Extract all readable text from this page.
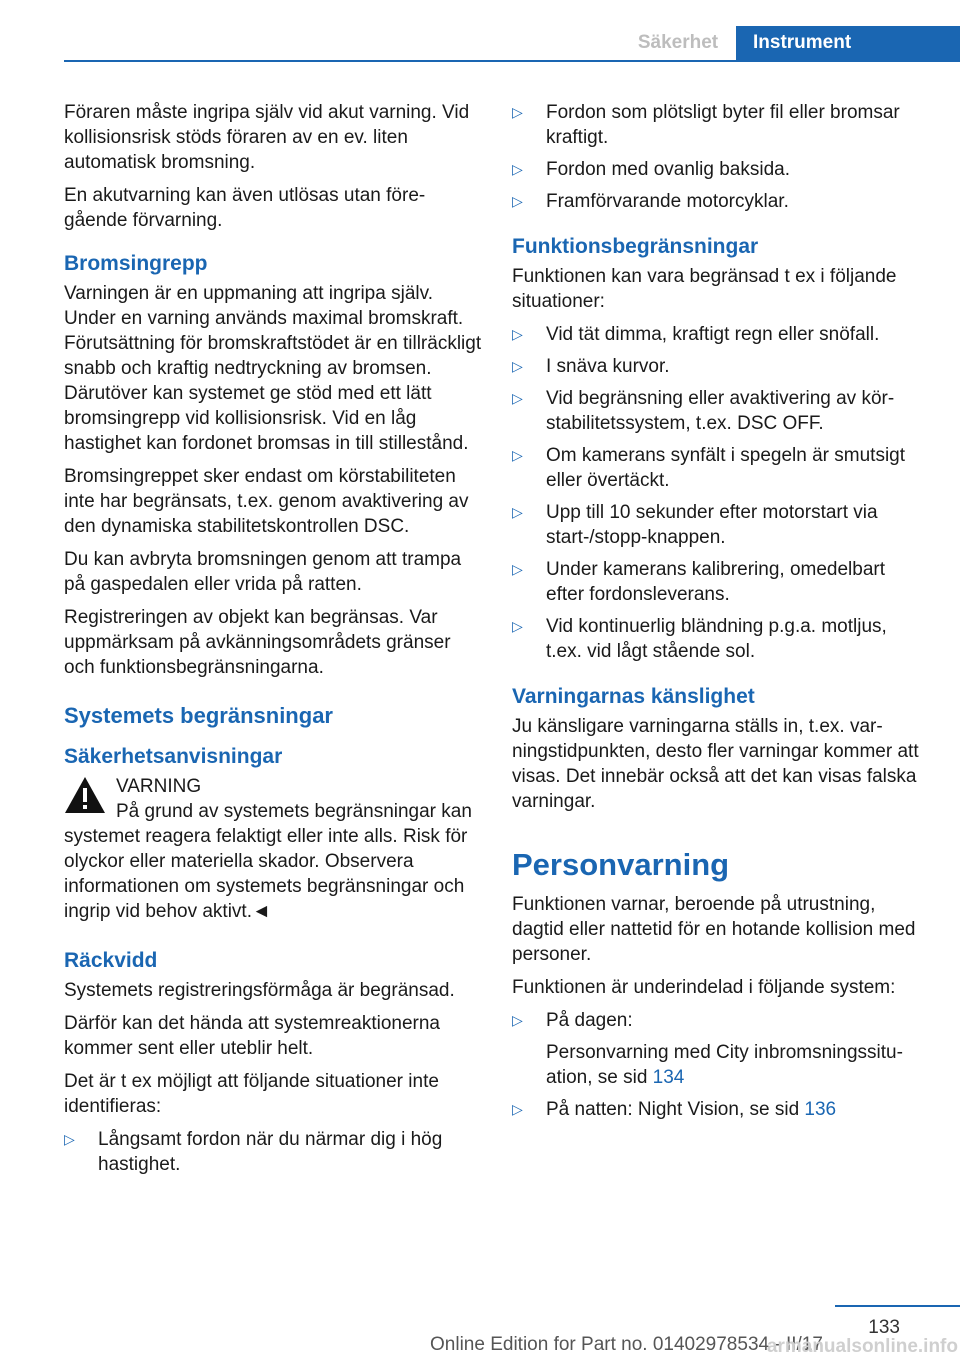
Säkerhet	Instrument

Föraren måste ingripa själv vid akut varning. Vid kollisionsrisk stöds föraren av en ev. liten automatisk bromsning.

En akutvarning kan även utlösas utan föregående förvarning.

Bromsingrepp

Varningen är en uppmaning att ingripa själv. Under en varning används maximal bromskraft. Förutsättning för bromskraftstödet är en tillräckligt snabb och kraftig nedtryckning av bromsen. Därutöver kan systemet ge stöd med ett lätt bromsingrepp vid kollisionsrisk. Vid en låg hastighet kan fordonet bromsas in till stillestånd.

Bromsingreppet sker endast om körstabiliteten inte har begränsats, t.ex. genom avaktivering av den dynamiska stabilitetskontrollen DSC.

Du kan avbryta bromsningen genom att trampa på gaspedalen eller vrida på ratten.

Registreringen av objekt kan begränsas. Var uppmärksam på avkänningsområdets gränser och funktionsbegränsningarna.

Systemets begränsningar
Säkerhetsanvisningar
VARNING
På grund av systemets begränsningar kan systemet reagera felaktigt eller inte alls. Risk för olyckor eller materiella skador. Observera informationen om systemets begränsningar och ingrip vid behov aktivt.◄
Räckvidd

Systemets registreringsförmåga är begränsad.

Därför kan det hända att systemreaktionerna kommer sent eller uteblir helt.

Det är t ex möjligt att följande situationer inte identifieras:

▷ Långsamt fordon när du närmar dig i hög hastighet.
▷ Fordon som plötsligt byter fil eller bromsar kraftigt.
▷ Fordon med ovanlig baksida.
▷ Framförvarande motorcyklar.
Funktionsbegränsningar

Funktionen kan vara begränsad t ex i följande situationer:

▷ Vid tät dimma, kraftigt regn eller snöfall.
▷ I snäva kurvor.
▷ Vid begränsning eller avaktivering av körstabilitetssystem, t.ex. DSC OFF.
▷ Om kamerans synfält i spegeln är smutsigt eller övertäckt.
▷ Upp till 10 sekunder efter motorstart via start-/stopp-knappen.
▷ Under kamerans kalibrering, omedelbart efter fordonsleverans.
▷ Vid kontinuerlig bländning p.g.a. motljus, t.ex. vid lågt stående sol.
Varningarnas känslighet

Ju känsligare varningarna ställs in, t.ex. varningstidpunkten, desto fler varningar kommer att visas. Det innebär också att det kan visas falska varningar.

Personvarning

Funktionen varnar, beroende på utrustning, dagtid eller nattetid för en hotande kollision med personer.

Funktionen är underindelad i följande system:

▷ På dagen:
Personvarning med City inbromsningssituation, se sid 134
▷ På natten: Night Vision, se sid 136
133
Online Edition for Part no. 01402978534 - II/17
armanualsonline.info
